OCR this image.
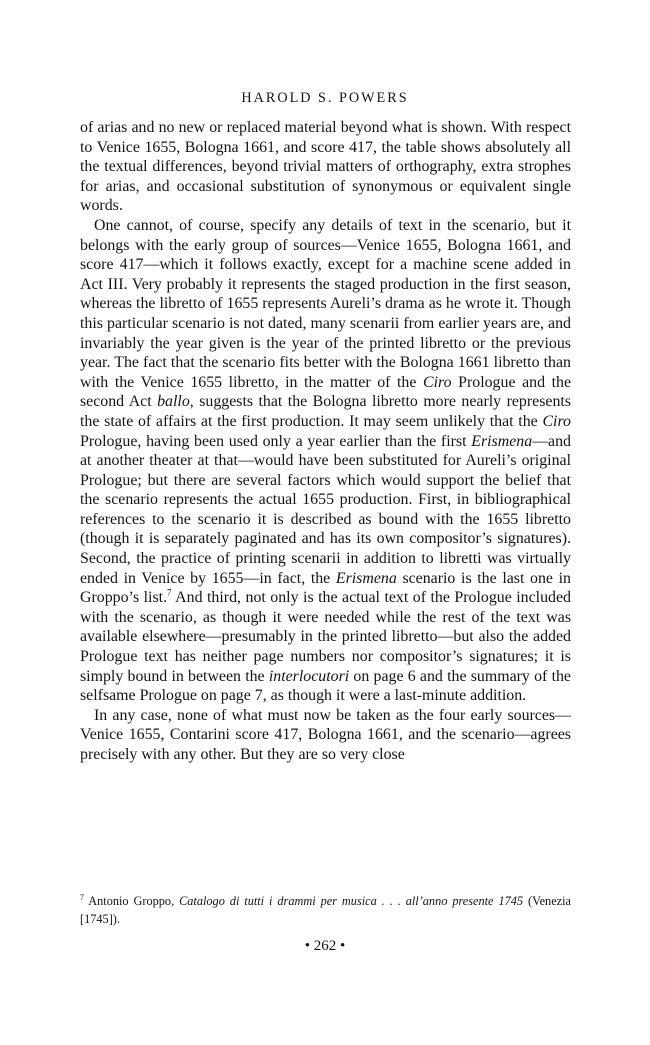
HAROLD S. POWERS

of arias and no new or replaced material beyond what is shown. With respect to Venice 1655, Bologna 1661, and score 417, the table shows absolutely all the textual differences, beyond trivial matters of orthography, extra strophes for arias, and occasional substitution of synonymous or equivalent single words.

One cannot, of course, specify any details of text in the scenario, but it belongs with the early group of sources—Venice 1655, Bologna 1661, and score 417—which it follows exactly, except for a machine scene added in Act III. Very probably it represents the staged production in the first season, whereas the libretto of 1655 represents Aureli’s drama as he wrote it. Though this particular scenario is not dated, many scenarii from earlier years are, and invariably the year given is the year of the printed libretto or the previous year. The fact that the scenario fits better with the Bologna 1661 libretto than with the Venice 1655 libretto, in the matter of the Ciro Prologue and the second Act ballo, suggests that the Bologna libretto more nearly represents the state of affairs at the first production. It may seem unlikely that the Ciro Prologue, having been used only a year earlier than the first Erismena—and at another theater at that—would have been substituted for Aureli’s original Prologue; but there are several factors which would support the belief that the scenario represents the actual 1655 production. First, in bibliographical references to the scenario it is described as bound with the 1655 libretto (though it is separately paginated and has its own compositor’s signatures). Second, the practice of printing scenarii in addition to libretti was virtually ended in Venice by 1655—in fact, the Erismena scenario is the last one in Groppo’s list.$^7$ And third, not only is the actual text of the Prologue included with the scenario, as though it were needed while the rest of the text was available elsewhere—presumably in the printed libretto—but also the added Prologue text has neither page numbers nor compositor’s signatures; it is simply bound in between the interlocutori on page 6 and the summary of the selfsame Prologue on page 7, as though it were a last-minute addition.

In any case, none of what must now be taken as the four early sources—Venice 1655, Contarini score 417, Bologna 1661, and the scenario—agrees precisely with any other. But they are so very close

$^7$ Antonio Groppo, Catalogo di tutti i drammi per musica . . . all’anno presente 1745 (Venezia [1745]).
• 262 •
